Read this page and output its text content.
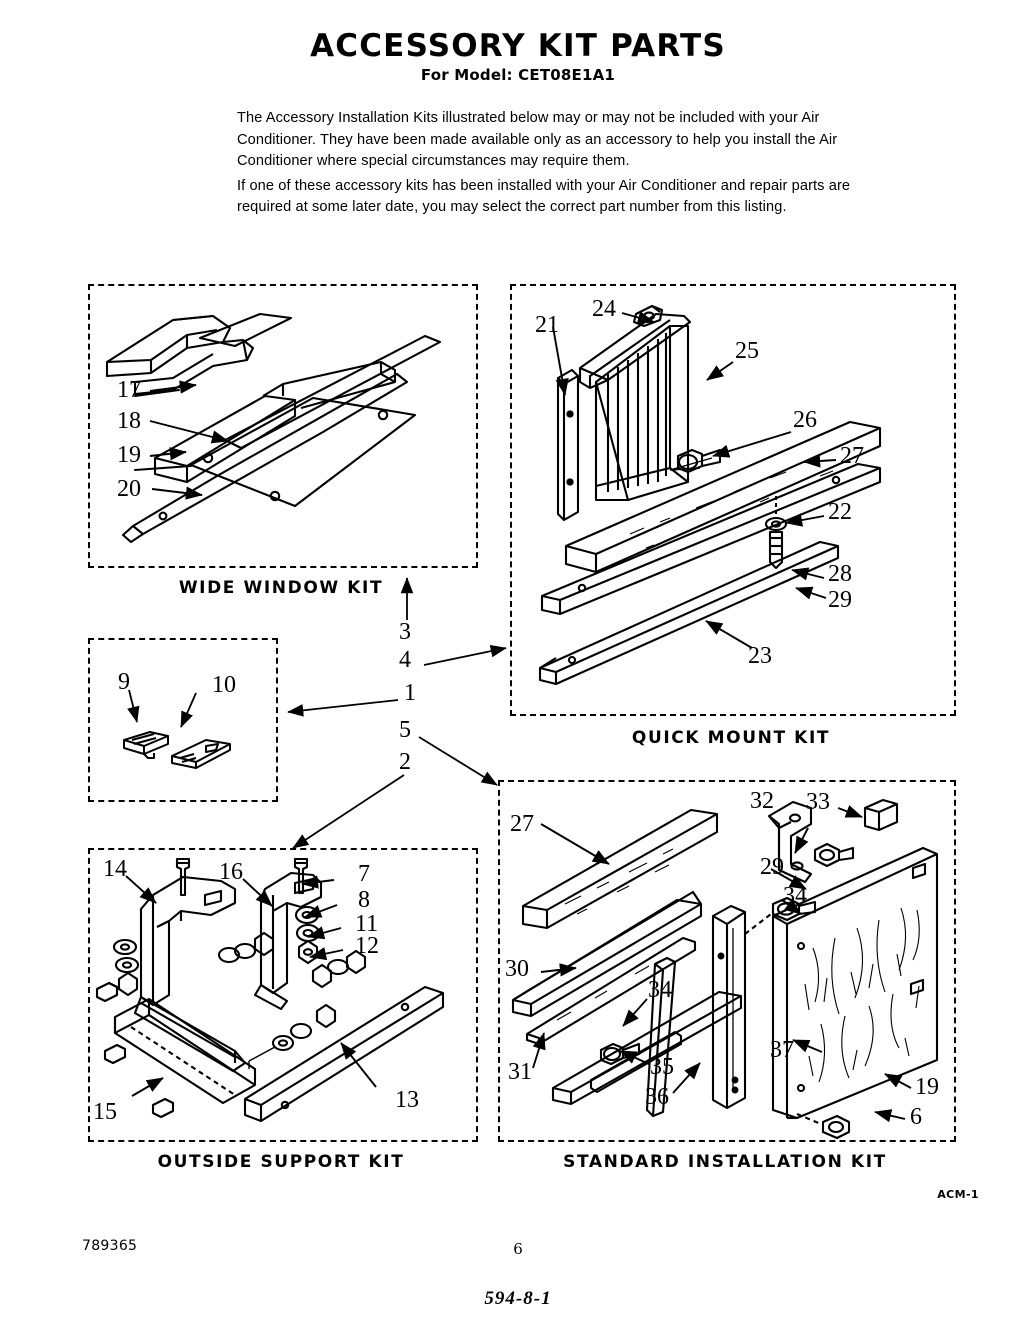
ACCESSORY KIT PARTS
For Model: CET08E1A1

The Accessory Installation Kits illustrated below may or may not be included with your Air Conditioner. They have been made available only as an accessory to help you install the Air Conditioner where special circumstances may require them.

If one of these accessory kits has been installed with your Air Conditioner and repair parts are required at some later date, you may select the correct part number from this listing.

WIDE WINDOW KIT
QUICK MOUNT KIT
OUTSIDE SUPPORT KIT	STANDARD INSTALLATION KIT
17
18
19
20
21
24
25
26
27
22
28
29
23
9	10
3
4
1
5
2
14	16	7
8
11
12
13
15
27
30
31
34
35
36
32 33
29
34
37
19
6
ACM-1
789365	6
594-8-1
